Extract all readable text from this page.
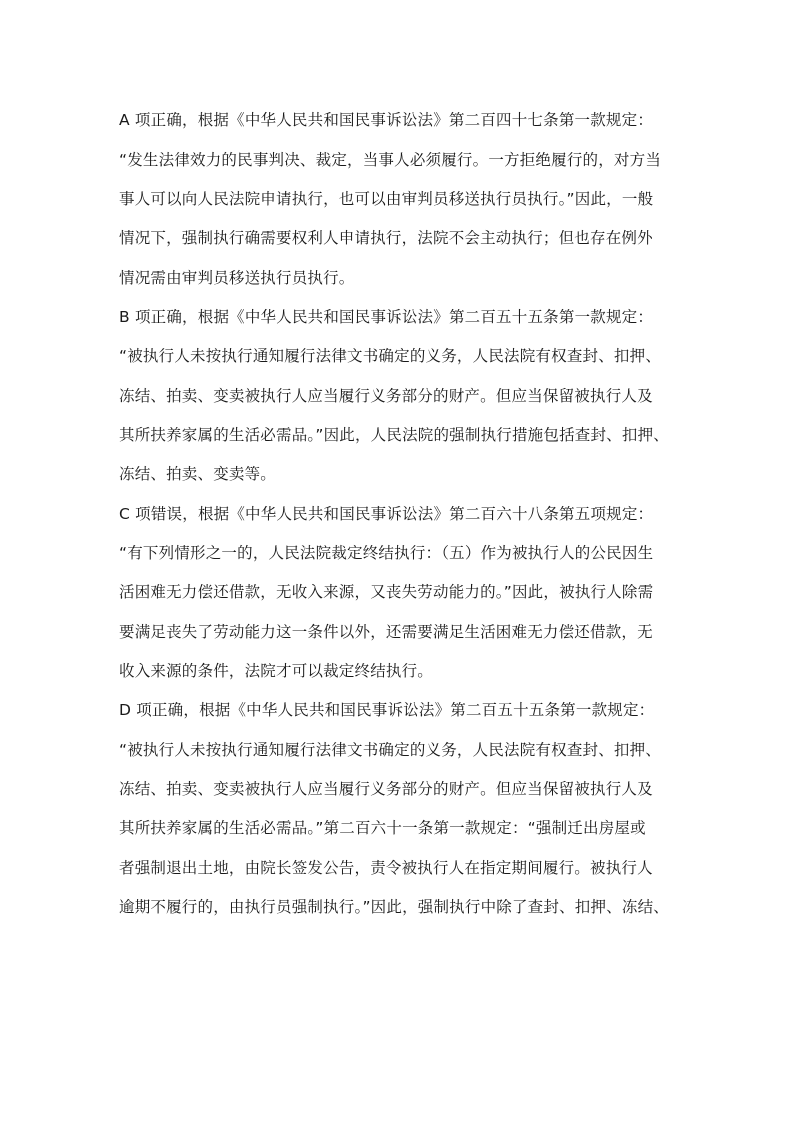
A 项正确，根据《中华人民共和国民事诉讼法》第二百四十七条第一款规定：
“发生法律效力的民事判决、裁定，当事人必须履行。一方拒绝履行的，对方当
事人可以向人民法院申请执行，也可以由审判员移送执行员执行。”因此，一般
情况下，强制执行确需要权利人申请执行，法院不会主动执行；但也存在例外
情况需由审判员移送执行员执行。
B 项正确，根据《中华人民共和国民事诉讼法》第二百五十五条第一款规定：
“被执行人未按执行通知履行法律文书确定的义务，人民法院有权查封、扣押、
冻结、拍卖、变卖被执行人应当履行义务部分的财产。但应当保留被执行人及
其所扶养家属的生活必需品。”因此，人民法院的强制执行措施包括查封、扣押、
冻结、拍卖、变卖等。
C 项错误，根据《中华人民共和国民事诉讼法》第二百六十八条第五项规定：
“有下列情形之一的，人民法院裁定终结执行：（五）作为被执行人的公民因生
活困难无力偿还借款，无收入来源，又丧失劳动能力的。”因此，被执行人除需
要满足丧失了劳动能力这一条件以外，还需要满足生活困难无力偿还借款，无
收入来源的条件，法院才可以裁定终结执行。
D 项正确，根据《中华人民共和国民事诉讼法》第二百五十五条第一款规定：
“被执行人未按执行通知履行法律文书确定的义务，人民法院有权查封、扣押、
冻结、拍卖、变卖被执行人应当履行义务部分的财产。但应当保留被执行人及
其所扶养家属的生活必需品。”第二百六十一条第一款规定：“强制迁出房屋或
者强制退出土地，由院长签发公告，责令被执行人在指定期间履行。被执行人
逾期不履行的，由执行员强制执行。”因此，强制执行中除了查封、扣押、冻结、
